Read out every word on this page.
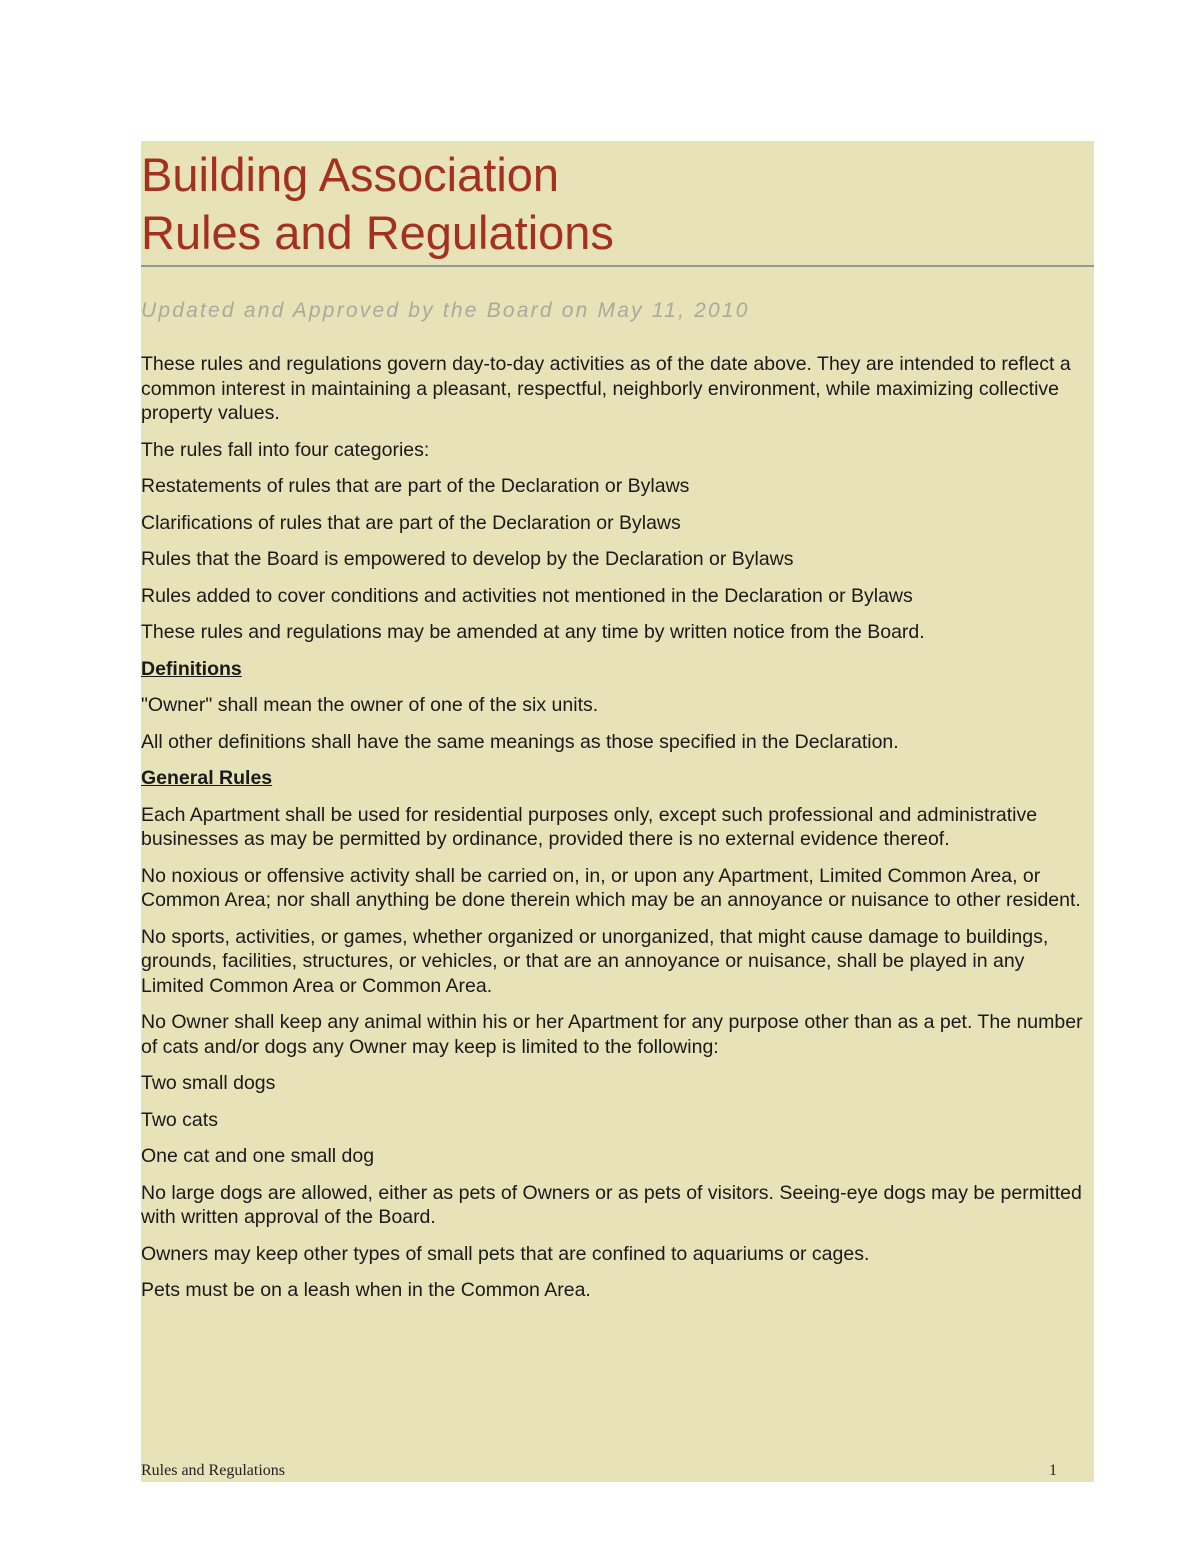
Building Association
Rules and Regulations

Updated and Approved by the Board on May 11, 2010

These rules and regulations govern day-to-day activities as of the date above. They are intended to reflect a common interest in maintaining a pleasant, respectful, neighborly environment, while maximizing collective property values.

The rules fall into four categories:

Restatements of rules that are part of the Declaration or Bylaws

Clarifications of rules that are part of the Declaration or Bylaws

Rules that the Board is empowered to develop by the Declaration or Bylaws

Rules added to cover conditions and activities not mentioned in the Declaration or Bylaws

These rules and regulations may be amended at any time by written notice from the Board.

Definitions

"Owner" shall mean the owner of one of the six units.

All other definitions shall have the same meanings as those specified in the Declaration.

General Rules

Each Apartment shall be used for residential purposes only, except such professional and administrative businesses as may be permitted by ordinance, provided there is no external evidence thereof.

No noxious or offensive activity shall be carried on, in, or upon any Apartment, Limited Common Area, or Common Area; nor shall anything be done therein which may be an annoyance or nuisance to other resident.

No sports, activities, or games, whether organized or unorganized, that might cause damage to buildings, grounds, facilities, structures, or vehicles, or that are an annoyance or nuisance, shall be played in any Limited Common Area or Common Area.

No Owner shall keep any animal within his or her Apartment for any purpose other than as a pet. The number of cats and/or dogs any Owner may keep is limited to the following:

Two small dogs

Two cats

One cat and one small dog

No large dogs are allowed, either as pets of Owners or as pets of visitors. Seeing-eye dogs may be permitted with written approval of the Board.

Owners may keep other types of small pets that are confined to aquariums or cages.

Pets must be on a leash when in the Common Area.

Rules and Regulations	1
